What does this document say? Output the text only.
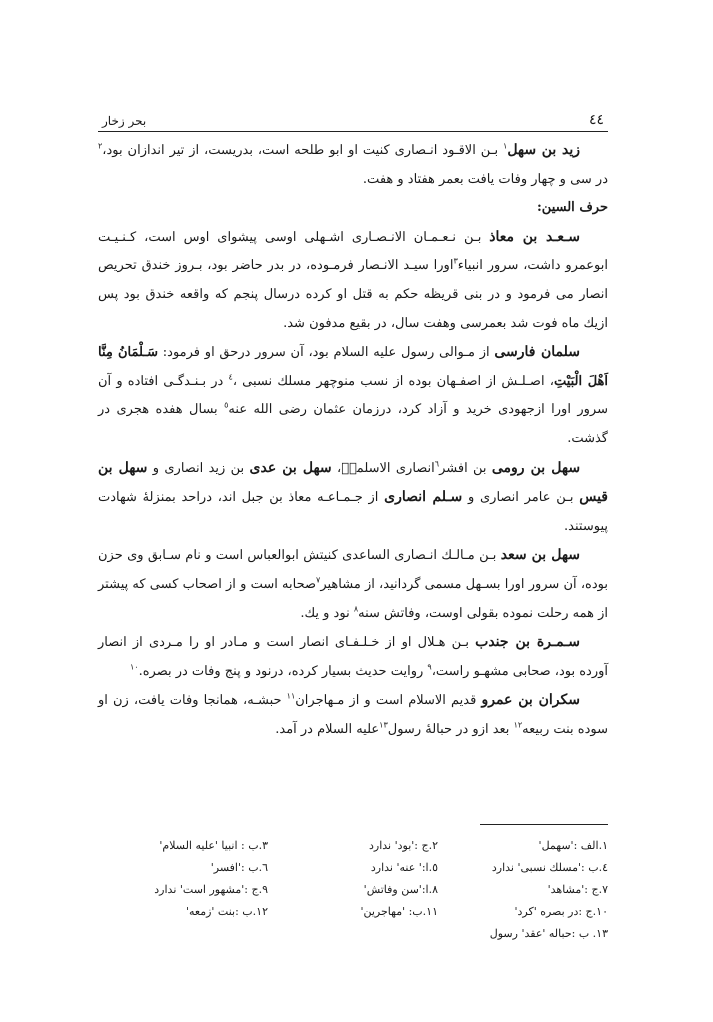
٤٤
بحر زخار

زید بن سهل$^١$ بـن الاقـود انـصاری کنیت او ابو طلحه است، بدریست، از تیر اندازان بود،$^٢$ در سی و چهار وفات یافت بعمر هفتاد و هفت.

حرف السین:

سـعـد بن معاذ بـن نـعـمـان الانـصـاری اشـهلی اوسی پیشوای اوس است، کـنـیـت ابوعمرو داشت، سرور انبیاء$^٣$اورا سیـد الانـصار فرمـوده، در بدر حاضر بود، بـروز خندق تحریص انصار می فرمود و در بنی قریظه حکم به قتل او کرده درسال پنجم که واقعه خندق بود پس ازیك ماه فوت شد بعمرسی وهفت سال، در بقیع مدفون شد.

سلمان فارسی از مـوالی رسول علیه السلام بود، آن سرور درحق او فرمود: سَـلْمَانُ مِنَّا اَهْلَ الْبَيْتِ، اصـلـش از اصفـهان بوده از نسب منوچهر مسلك نسبی ،$^٤$ در بـنـدگـی افتاده و آن سرور اورا ازجهودی خرید و آزاد کرد، درزمان عثمان رضی الله عنه$^٥$ بسال هفده هجری در گذشت.

سهل بن رومی بن افشر$^٦$انصاری الاسلمیؓ، سهل بن عدی بن زید انصاری و سهل بن قیس بـن عامر انصاری و سـلم انصاری از جـمـاعـه معاذ بن جبل اند، دراحد بمنزلهٔ شهادت پیوستند.

سهل بن سعد بـن مـالـك انـصاری الساعدی کنیتش ابوالعباس است و نام سـابق وی حزن بوده، آن سرور اورا بسـهل مسمی گردانید، از مشاهیر$^٧$صحابه است و از اصحاب کسی که پیشتر از همه رحلت نموده بقولی اوست، وفاتش سنه$^٨$ نود و یك.

سـمـرة بن جندب بـن هـلال او از خـلـفـای انصار است و مـادر او را مـردی از انصار آورده بود، صحابی مشهـو راست،$^٩$ روایت حدیث بسیار کرده، درنود و پنج وفات در بصره.$^{١٠}$

سکران بن عمرو قدیم الاسلام است و از مـهاجران$^{١١}$ حبشـه، همانجا وفات یافت، زن او سوده بنت ربیعه$^{١٢}$ بعد ازو در حبالهٔ رسول$^{١٣}$علیه السلام در آمد.

١.الف :'سهمل'
٢.ج :'بود' ندارد
٣.ب : انبیا 'علیه السلام'
٤.ب :'مسلك نسبی' ندارد
٥.ا:' عنه' ندارد
٦.ب :'افسر'
٧.ج :'مشاهد'
٨.ا:'سن وفاتش'
٩.ج :'مشهور است' ندارد
١٠.ج :در بصره 'کرد'
١١.ب: 'مهاجرین'
١٢.ب :بنت 'زمعه'
١٣. ب :حباله 'عقد' رسول
